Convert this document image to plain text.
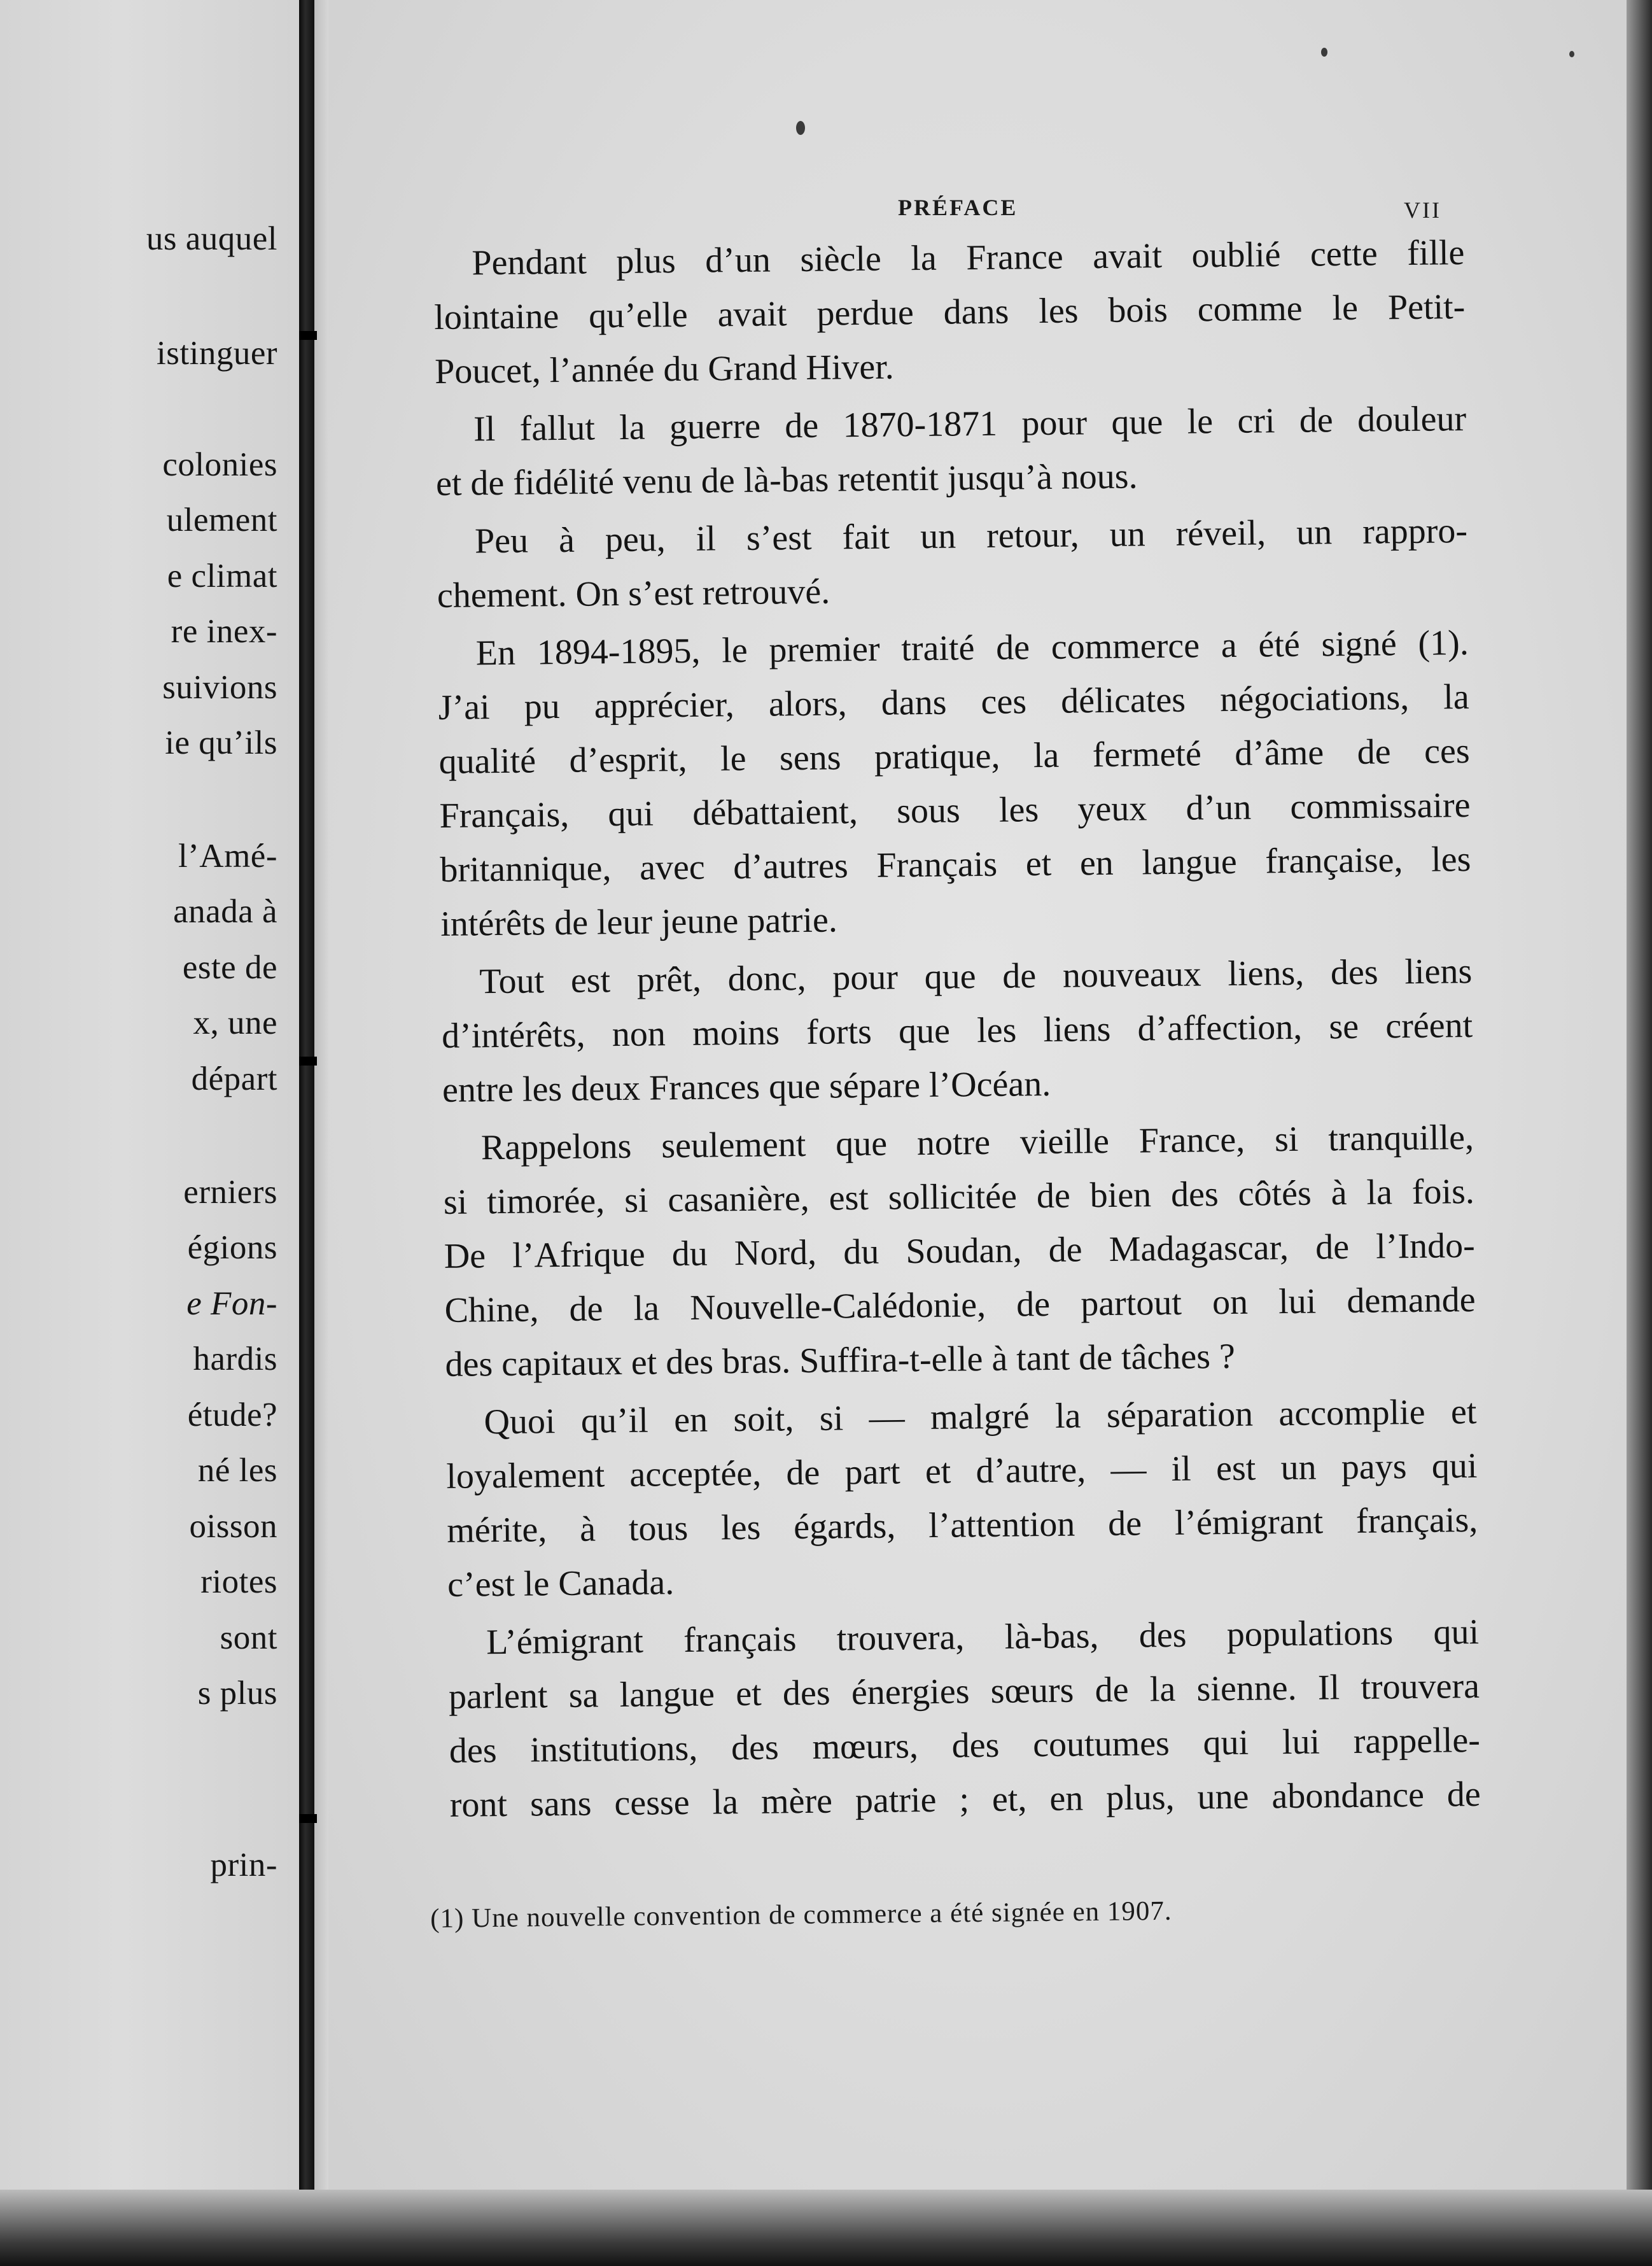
us auquel
istinguer
colonies
ulement
e climat
re inex-
suivions
ie qu’ils
l’Amé-
anada à
este de
x, une
départ
erniers
égions
e Fon-
hardis
étude?
né les
oisson
riotes
sont
s plus
prin-
PRÉFACE	VII
Pendant plus d’un siècle la France avait oublié cette fille
lointaine qu’elle avait perdue dans les bois comme le Petit-
Poucet, l’année du Grand Hiver.
Il fallut la guerre de 1870-1871 pour que le cri de douleur
et de fidélité venu de là-bas retentit jusqu’à nous.
Peu à peu, il s’est fait un retour, un réveil, un rappro-
chement. On s’est retrouvé.
En 1894-1895, le premier traité de commerce a été signé (1).
J’ai pu apprécier, alors, dans ces délicates négociations, la
qualité d’esprit, le sens pratique, la fermeté d’âme de ces
Français, qui débattaient, sous les yeux d’un commissaire
britannique, avec d’autres Français et en langue française, les
intérêts de leur jeune patrie.
Tout est prêt, donc, pour que de nouveaux liens, des liens
d’intérêts, non moins forts que les liens d’affection, se créent
entre les deux Frances que sépare l’Océan.
Rappelons seulement que notre vieille France, si tranquille,
si timorée, si casanière, est sollicitée de bien des côtés à la fois.
De l’Afrique du Nord, du Soudan, de Madagascar, de l’Indo-
Chine, de la Nouvelle-Calédonie, de partout on lui demande
des capitaux et des bras. Suffira-t-elle à tant de tâches ?
Quoi qu’il en soit, si — malgré la séparation accomplie et
loyalement acceptée, de part et d’autre, — il est un pays qui
mérite, à tous les égards, l’attention de l’émigrant français,
c’est le Canada.
L’émigrant français trouvera, là-bas, des populations qui
parlent sa langue et des énergies sœurs de la sienne. Il trouvera
des institutions, des mœurs, des coutumes qui lui rappelle-
ront sans cesse la mère patrie ; et, en plus, une abondance de
(1) Une nouvelle convention de commerce a été signée en 1907.
